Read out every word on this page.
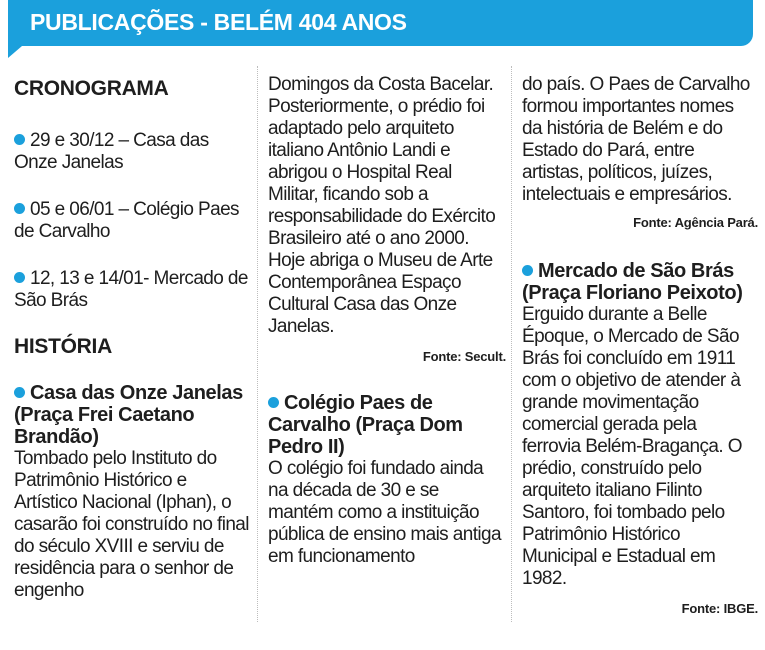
PUBLICAÇÕES - BELÉM 404 ANOS

CRONOGRAMA

29 e 30/12 – Casa das Onze Janelas

05 e 06/01 – Colégio Paes de Carvalho

12, 13 e 14/01- Mercado de São Brás

HISTÓRIA

Casa das Onze Janelas (Praça Frei Caetano Brandão)

Tombado pelo Instituto do Patrimônio Histórico e Artístico Nacional (Iphan), o casarão foi construído no final do século XVIII e serviu de residência para o senhor de engenho

Domingos da Costa Bacelar. Posteriormente, o prédio foi adaptado pelo arquiteto italiano Antônio Landi e abrigou o Hospital Real Militar, ficando sob a responsabilidade do Exército Brasileiro até o ano 2000. Hoje abriga o Museu de Arte Contemporânea Espaço Cultural Casa das Onze Janelas.

Fonte: Secult.

Colégio Paes de Carvalho (Praça Dom Pedro II)

O colégio foi fundado ainda na década de 30 e se mantém como a instituição pública de ensino mais antiga em funcionamento

do país. O Paes de Carvalho formou importantes nomes da história de Belém e do Estado do Pará, entre artistas, políticos, juízes, intelectuais e empresários.

Fonte: Agência Pará.

Mercado de São Brás (Praça Floriano Peixoto)

Erguido durante a Belle Époque, o Mercado de São Brás foi concluído em 1911 com o objetivo de atender à grande movimentação comercial gerada pela ferrovia Belém-Bragança. O prédio, construído pelo arquiteto italiano Filinto Santoro, foi tombado pelo Patrimônio Histórico Municipal e Estadual em 1982.

Fonte: IBGE.
